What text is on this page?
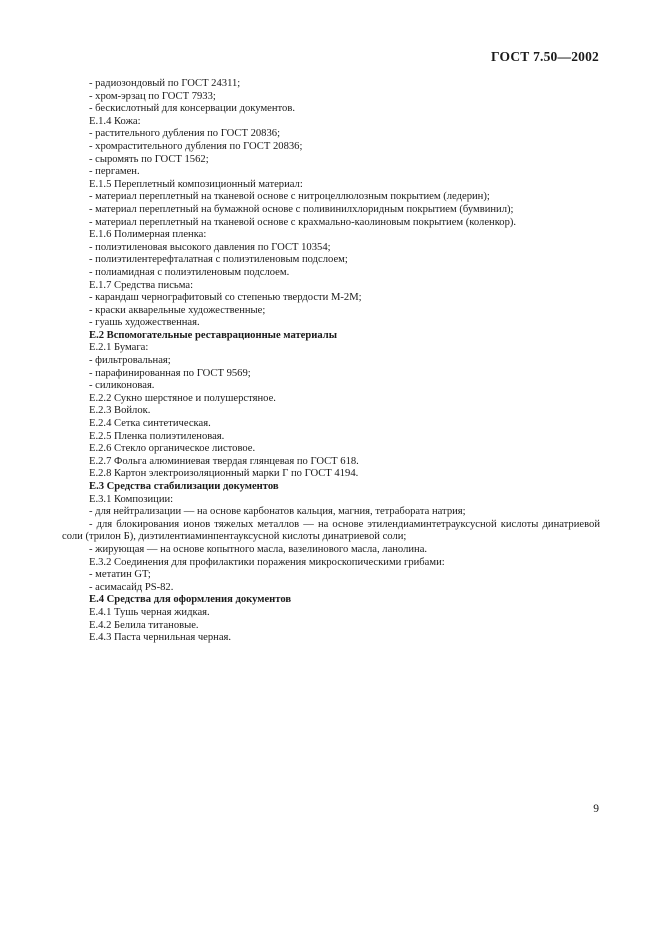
ГОСТ 7.50—2002
- радиозондовый по ГОСТ 24311;
- хром-эрзац по ГОСТ 7933;
- бескислотный для консервации документов.
Е.1.4 Кожа:
- растительного дубления по ГОСТ 20836;
- хромрастительного дубления по ГОСТ 20836;
- сыромять по ГОСТ 1562;
- пергамен.
Е.1.5 Переплетный композиционный материал:
- материал переплетный на тканевой основе с нитроцеллюлозным покрытием (ледерин);
- материал переплетный на бумажной основе с поливинилхлоридным покрытием (бумвинил);
- материал переплетный на тканевой основе с крахмально-каолиновым покрытием (коленкор).
Е.1.6 Полимерная пленка:
- полиэтиленовая высокого давления по ГОСТ 10354;
- полиэтилентерефталатная с полиэтиленовым подслоем;
- полиамидная с полиэтиленовым подслоем.
Е.1.7 Средства письма:
- карандаш чернографитовый со степенью твердости М-2М;
- краски акварельные художественные;
- гуашь художественная.
Е.2 Вспомогательные реставрационные материалы
Е.2.1 Бумага:
- фильтровальная;
- парафинированная по ГОСТ 9569;
- силиконовая.
Е.2.2 Сукно шерстяное и полушерстяное.
Е.2.3 Войлок.
Е.2.4 Сетка синтетическая.
Е.2.5 Пленка полиэтиленовая.
Е.2.6 Стекло органическое листовое.
Е.2.7 Фольга алюминиевая твердая глянцевая по ГОСТ 618.
Е.2.8 Картон электроизоляционный марки Г по ГОСТ 4194.
Е.3 Средства стабилизации документов
Е.3.1 Композиции:
- для нейтрализации — на основе карбонатов кальция, магния, тетрабората натрия;
- для блокирования ионов тяжелых металлов — на основе этилендиаминтетрауксусной кислоты динатриевой соли (трилон Б), диэтилентиаминпентауксусной кислоты динатриевой соли;
- жирующая — на основе копытного масла, вазелинового масла, ланолина.
Е.3.2 Соединения для профилактики поражения микроскопическими грибами:
- метатин GT;
- асимасайд PS-82.
Е.4 Средства для оформления документов
Е.4.1 Тушь черная жидкая.
Е.4.2 Белила титановые.
Е.4.3 Паста чернильная черная.
9
